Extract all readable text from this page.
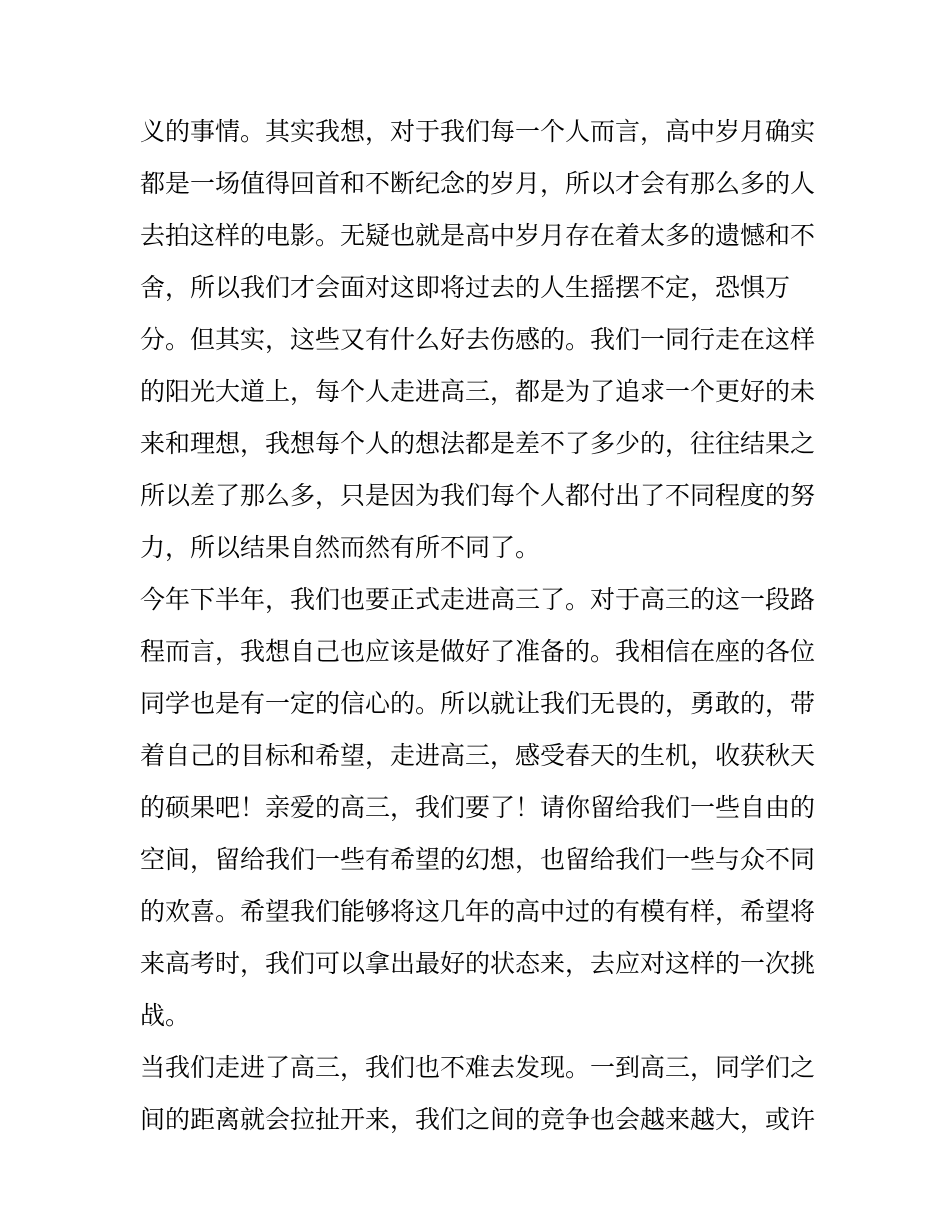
义的事情。其实我想，对于我们每一个人而言，高中岁月确实
都是一场值得回首和不断纪念的岁月，所以才会有那么多的人
去拍这样的电影。无疑也就是高中岁月存在着太多的遗憾和不
舍，所以我们才会面对这即将过去的人生摇摆不定，恐惧万
分。但其实，这些又有什么好去伤感的。我们一同行走在这样
的阳光大道上，每个人走进高三，都是为了追求一个更好的未
来和理想，我想每个人的想法都是差不了多少的，往往结果之
所以差了那么多，只是因为我们每个人都付出了不同程度的努
力，所以结果自然而然有所不同了。
今年下半年，我们也要正式走进高三了。对于高三的这一段路
程而言，我想自己也应该是做好了准备的。我相信在座的各位
同学也是有一定的信心的。所以就让我们无畏的，勇敢的，带
着自己的目标和希望，走进高三，感受春天的生机，收获秋天
的硕果吧！亲爱的高三，我们要了！请你留给我们一些自由的
空间，留给我们一些有希望的幻想，也留给我们一些与众不同
的欢喜。希望我们能够将这几年的高中过的有模有样，希望将
来高考时，我们可以拿出最好的状态来，去应对这样的一次挑
战。
当我们走进了高三，我们也不难去发现。一到高三，同学们之
间的距离就会拉扯开来，我们之间的竞争也会越来越大，或许
